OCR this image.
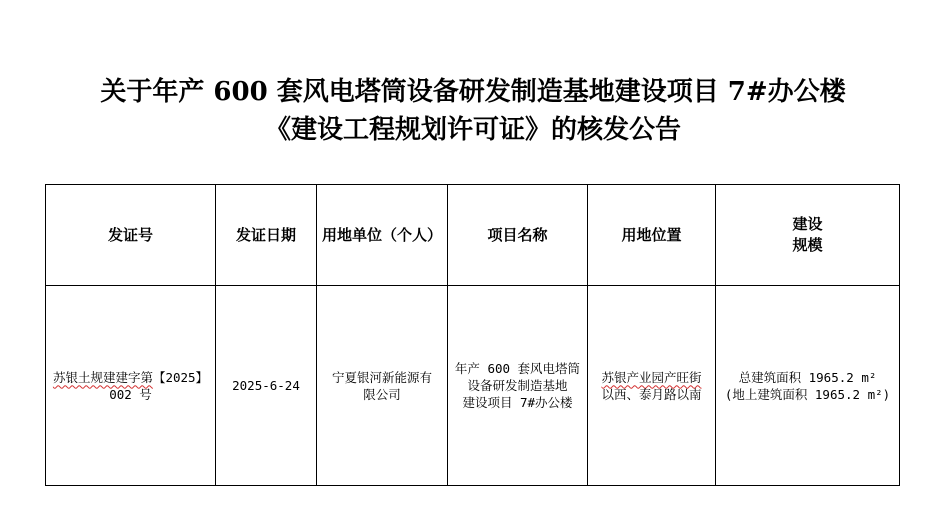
关于年产 600 套风电塔筒设备研发制造基地建设项目 7#办公楼
《建设工程规划许可证》的核发公告
发证号	发证日期	用地单位（个人）	项目名称	用地位置	建设
规模

苏银土规建建字第【2025】
002 号	2025-6-24	宁夏银河新能源有
限公司	年产 600 套风电塔筒
设备研发制造基地
建设项目 7#办公楼	苏银产业园产旺街
以西、泰月路以南	总建筑面积 1965.2 m²
(地上建筑面积 1965.2 m²)
